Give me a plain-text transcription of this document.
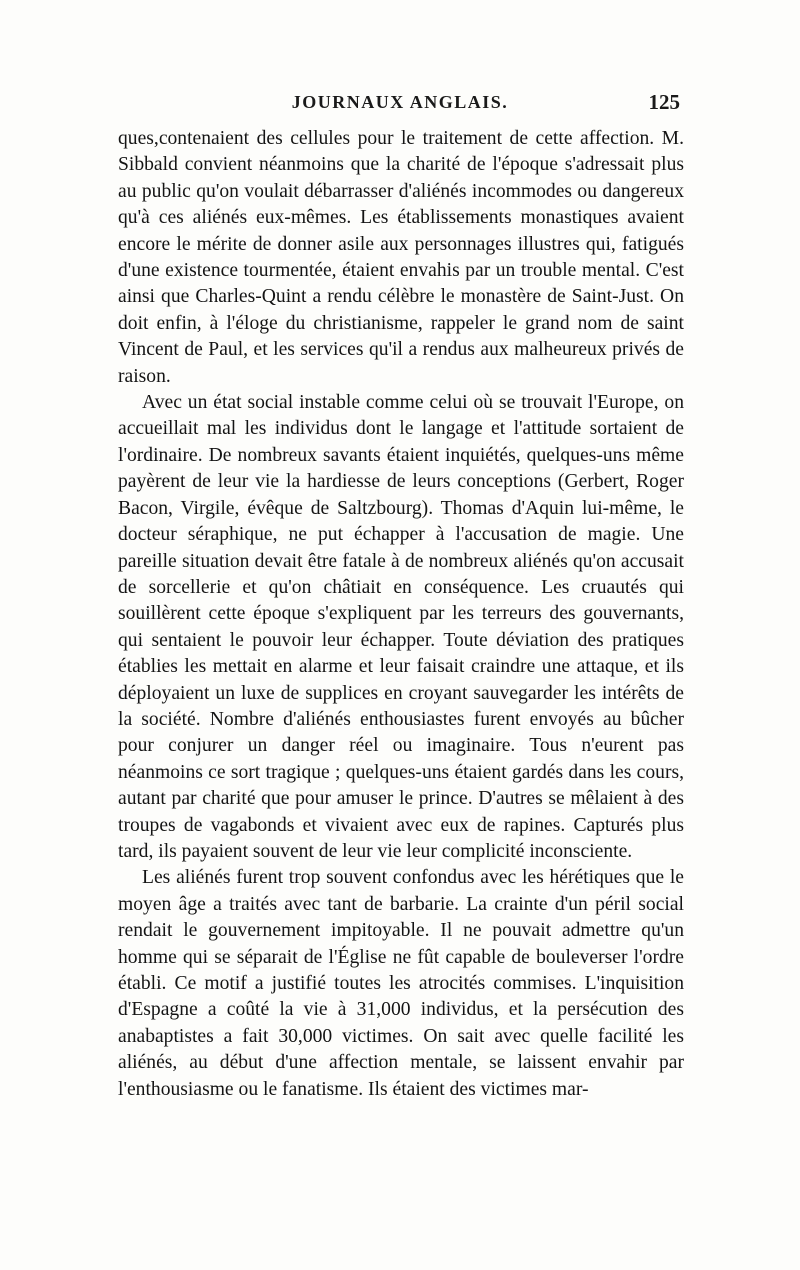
JOURNAUX ANGLAIS.	125

ques,contenaient des cellules pour le traitement de cette affection. M. Sibbald convient néanmoins que la charité de l'époque s'adressait plus au public qu'on voulait débarrasser d'aliénés incommodes ou dangereux qu'à ces aliénés eux-mêmes. Les établissements monastiques avaient encore le mérite de donner asile aux personnages illustres qui, fatigués d'une existence tourmentée, étaient envahis par un trouble mental. C'est ainsi que Charles-Quint a rendu célèbre le monastère de Saint-Just. On doit enfin, à l'éloge du christianisme, rappeler le grand nom de saint Vincent de Paul, et les services qu'il a rendus aux malheureux privés de raison.

Avec un état social instable comme celui où se trouvait l'Europe, on accueillait mal les individus dont le langage et l'attitude sortaient de l'ordinaire. De nombreux savants étaient inquiétés, quelques-uns même payèrent de leur vie la hardiesse de leurs conceptions (Gerbert, Roger Bacon, Virgile, évêque de Saltzbourg). Thomas d'Aquin lui-même, le docteur séraphique, ne put échapper à l'accusation de magie. Une pareille situation devait être fatale à de nombreux aliénés qu'on accusait de sorcellerie et qu'on châtiait en conséquence. Les cruautés qui souillèrent cette époque s'expliquent par les terreurs des gouvernants, qui sentaient le pouvoir leur échapper. Toute déviation des pratiques établies les mettait en alarme et leur faisait craindre une attaque, et ils déployaient un luxe de supplices en croyant sauvegarder les intérêts de la société. Nombre d'aliénés enthousiastes furent envoyés au bûcher pour conjurer un danger réel ou imaginaire. Tous n'eurent pas néanmoins ce sort tragique ; quelques-uns étaient gardés dans les cours, autant par charité que pour amuser le prince. D'autres se mêlaient à des troupes de vagabonds et vivaient avec eux de rapines. Capturés plus tard, ils payaient souvent de leur vie leur complicité inconsciente.

Les aliénés furent trop souvent confondus avec les hérétiques que le moyen âge a traités avec tant de barbarie. La crainte d'un péril social rendait le gouvernement impitoyable. Il ne pouvait admettre qu'un homme qui se séparait de l'Église ne fût capable de bouleverser l'ordre établi. Ce motif a justifié toutes les atrocités commises. L'inquisition d'Espagne a coûté la vie à 31,000 individus, et la persécution des anabaptistes a fait 30,000 victimes. On sait avec quelle facilité les aliénés, au début d'une affection mentale, se laissent envahir par l'enthousiasme ou le fanatisme. Ils étaient des victimes mar-
